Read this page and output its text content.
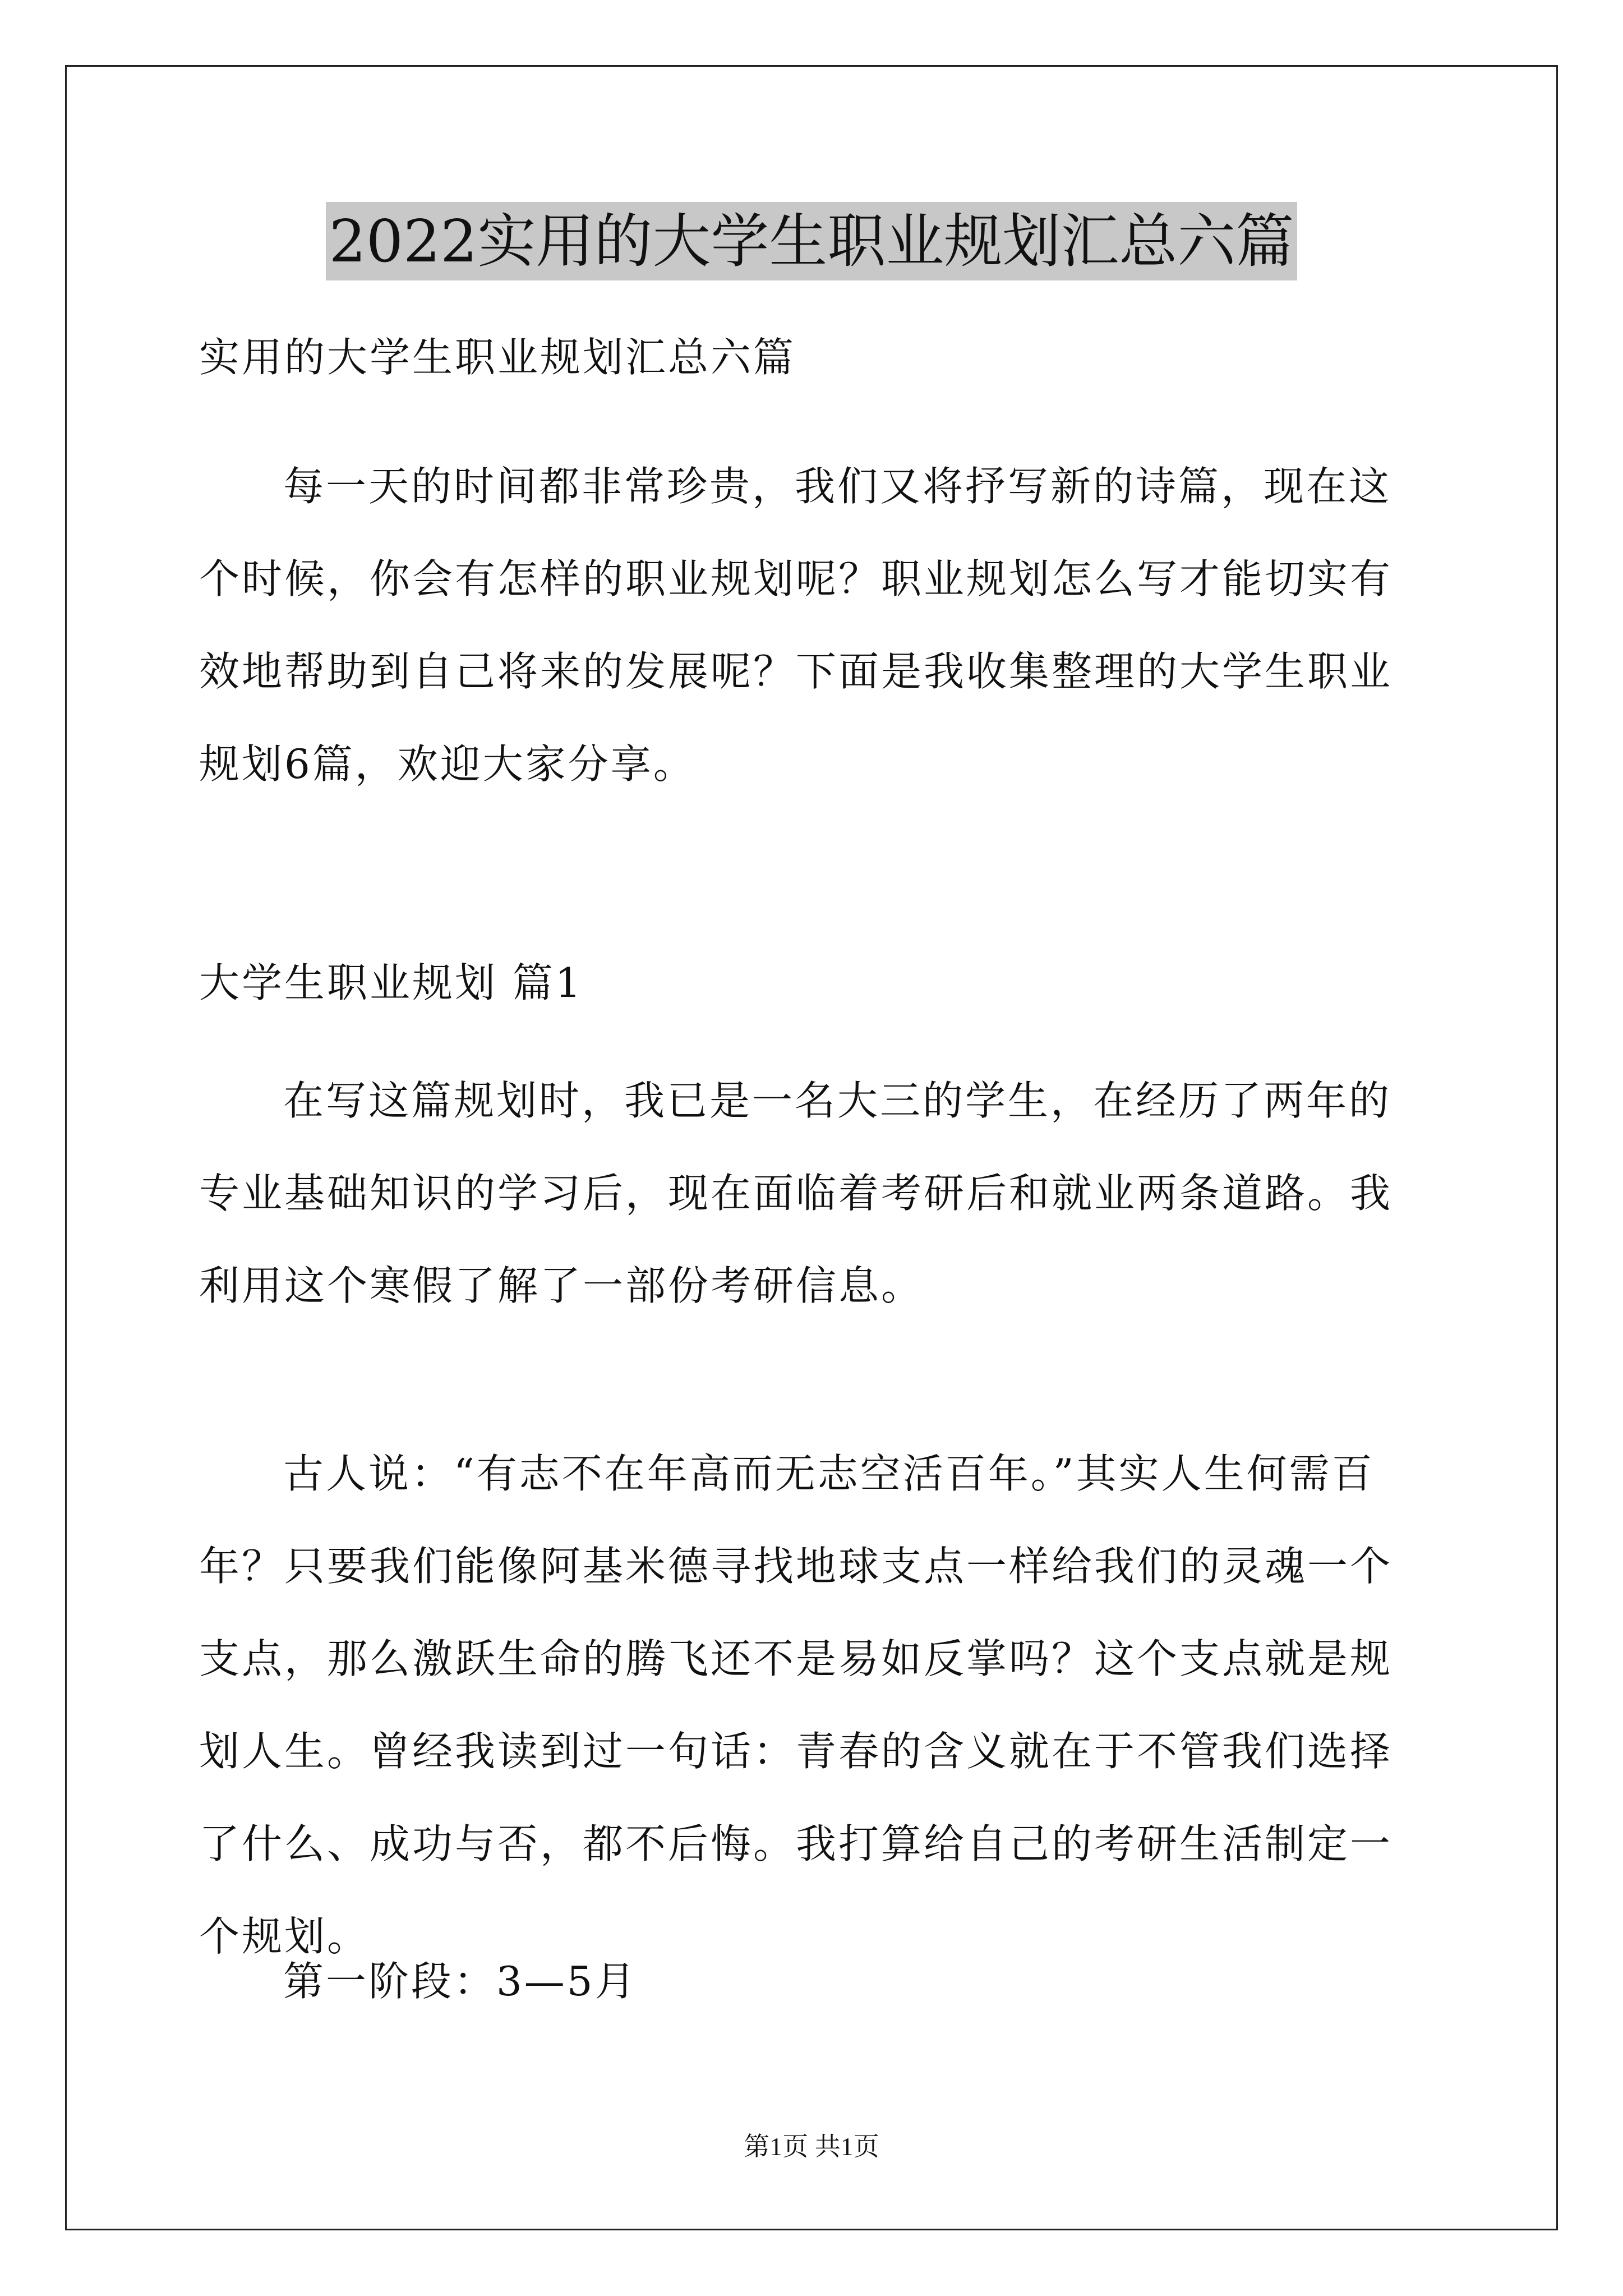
2022实用的大学生职业规划汇总六篇

实用的大学生职业规划汇总六篇

每一天的时间都非常珍贵，我们又将抒写新的诗篇，现在这个时候，你会有怎样的职业规划呢？职业规划怎么写才能切实有效地帮助到自己将来的发展呢？下面是我收集整理的大学生职业规划6篇，欢迎大家分享。

大学生职业规划 篇1

在写这篇规划时，我已是一名大三的学生，在经历了两年的专业基础知识的学习后，现在面临着考研后和就业两条道路。我利用这个寒假了解了一部份考研信息。

古人说：“有志不在年高而无志空活百年。”其实人生何需百年？只要我们能像阿基米德寻找地球支点一样给我们的灵魂一个支点，那么激跃生命的腾飞还不是易如反掌吗？这个支点就是规划人生。曾经我读到过一句话：青春的含义就在于不管我们选择了什么、成功与否，都不后悔。我打算给自己的考研生活制定一个规划。

第一阶段：3—5月

第1页 共1页
